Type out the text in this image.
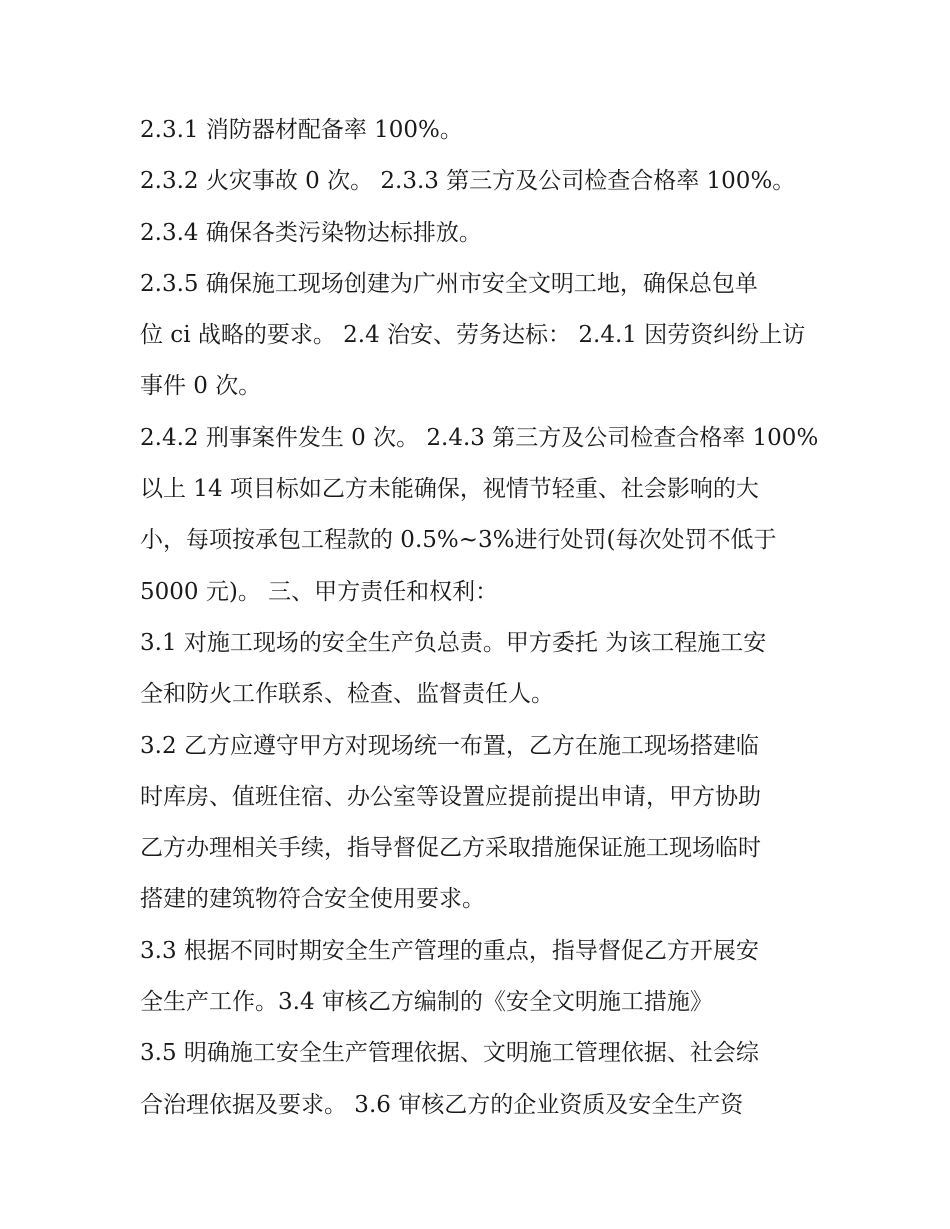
2.3.1 消防器材配备率 100%。
2.3.2 火灾事故 0 次。 2.3.3 第三方及公司检查合格率 100%。
2.3.4 确保各类污染物达标排放。
2.3.5 确保施工现场创建为广州市安全文明工地，确保总包单
位 ci 战略的要求。 2.4 治安、劳务达标： 2.4.1 因劳资纠纷上访
事件 0 次。
2.4.2 刑事案件发生 0 次。 2.4.3 第三方及公司检查合格率 100%
以上 14 项目标如乙方未能确保，视情节轻重、社会影响的大
小，每项按承包工程款的 0.5%~3%进行处罚(每次处罚不低于
5000 元)。 三、甲方责任和权利：
3.1 对施工现场的安全生产负总责。甲方委托 为该工程施工安
全和防火工作联系、检查、监督责任人。
3.2 乙方应遵守甲方对现场统一布置，乙方在施工现场搭建临
时库房、值班住宿、办公室等设置应提前提出申请，甲方协助
乙方办理相关手续，指导督促乙方采取措施保证施工现场临时
搭建的建筑物符合安全使用要求。
3.3 根据不同时期安全生产管理的重点，指导督促乙方开展安
全生产工作。3.4 审核乙方编制的《安全文明施工措施》
3.5 明确施工安全生产管理依据、文明施工管理依据、社会综
合治理依据及要求。 3.6 审核乙方的企业资质及安全生产资
